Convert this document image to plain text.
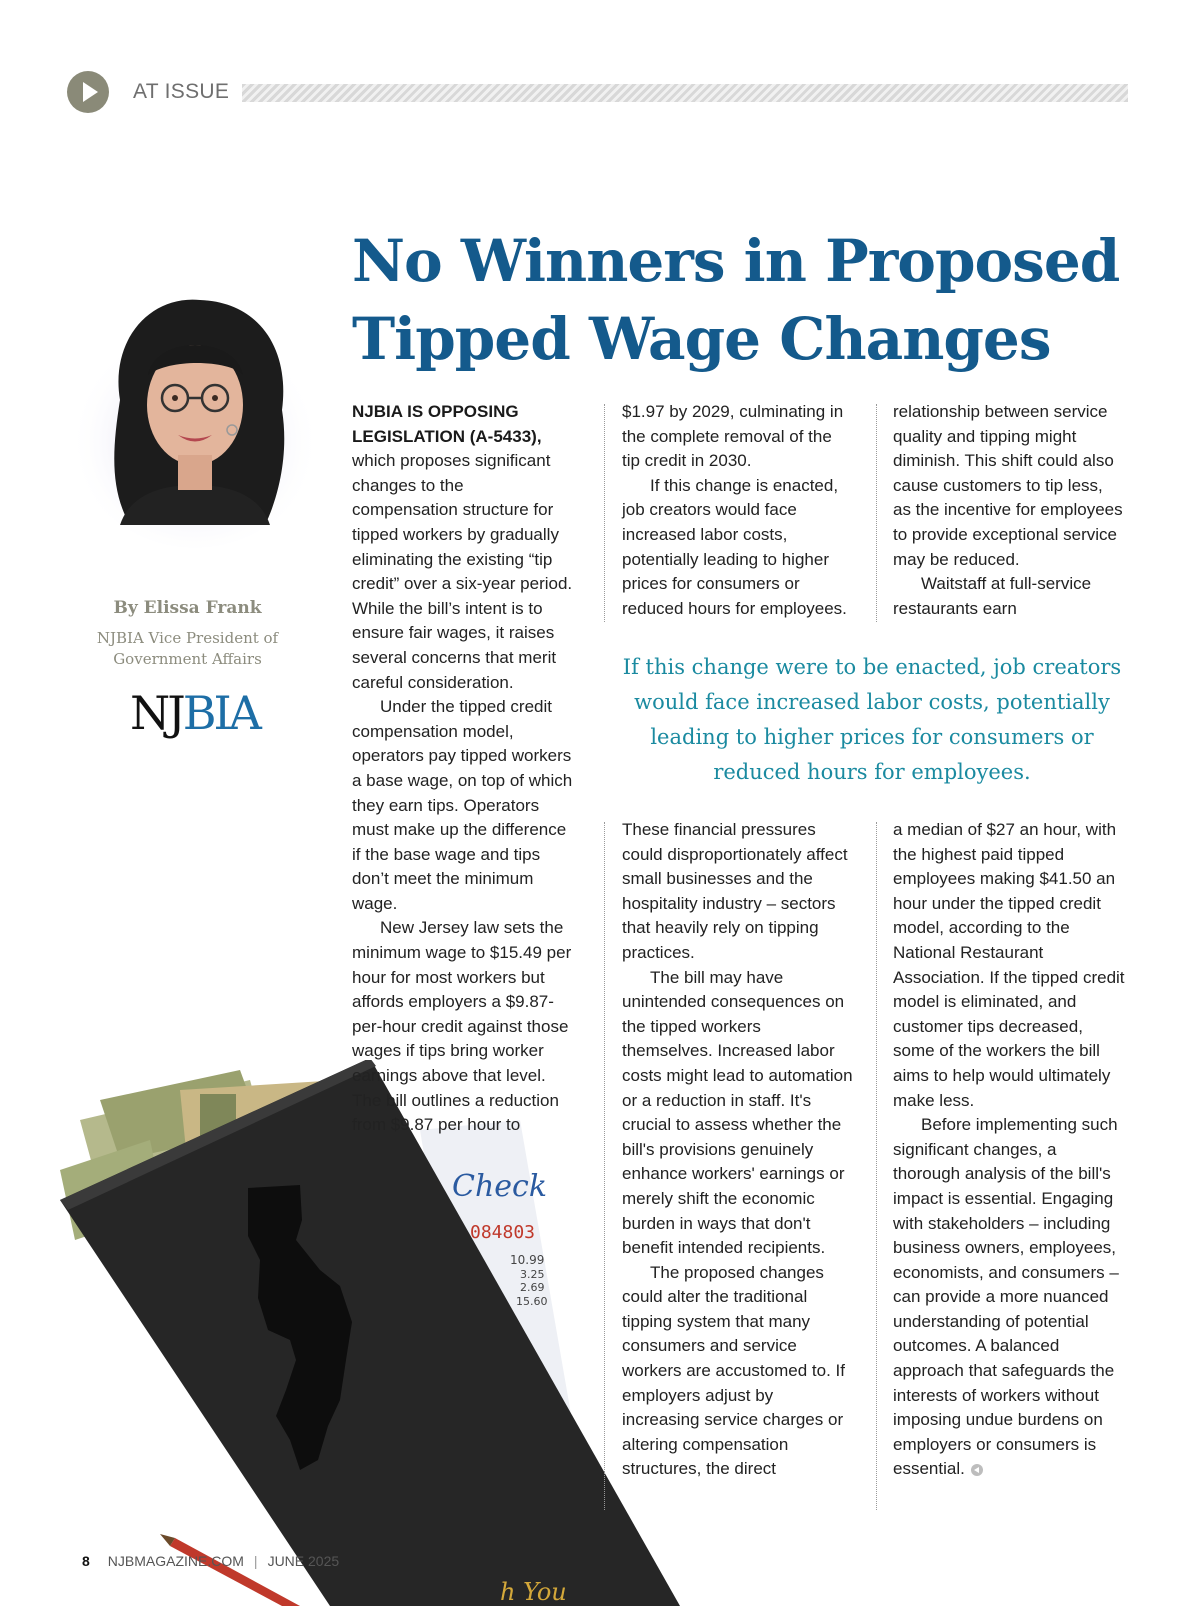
AT ISSUE
No Winners in Proposed Tipped Wage Changes
By Elissa Frank
NJBIA Vice President of Government Affairs
NJBIA
Check
084803
10.99
3.25
2.69
15.60
h You

NJBIA IS OPPOSING LEGISLATION (A-5433), which proposes significant changes to the compensation structure for tipped workers by gradually eliminating the existing “tip credit” over a six-year period. While the bill’s intent is to ensure fair wages, it raises several concerns that merit careful consideration.

Under the tipped credit compensation model, operators pay tipped workers a base wage, on top of which they earn tips. Operators must make up the difference if the base wage and tips don’t meet the minimum wage.

New Jersey law sets the minimum wage to $15.49 per hour for most workers but affords employers a $9.87-per-hour credit against those wages if tips bring worker earnings above that level. The bill outlines a reduction from $9.87 per hour to

$1.97 by 2029, culminating in the complete removal of the tip credit in 2030.

If this change is enacted, job creators would face increased labor costs, potentially leading to higher prices for consumers or reduced hours for employees.

relationship between service quality and tipping might diminish. This shift could also cause customers to tip less, as the incentive for employees to provide exceptional service may be reduced.

Waitstaff at full-service restaurants earn

If this change were to be enacted, job creators would face increased labor costs, potentially leading to higher prices for consumers or reduced hours for employees.

These financial pressures could disproportionately affect small businesses and the hospitality industry – sectors that heavily rely on tipping practices.

The bill may have unintended consequences on the tipped workers themselves. Increased labor costs might lead to automation or a reduction in staff. It's crucial to assess whether the bill's provisions genuinely enhance workers' earnings or merely shift the economic burden in ways that don't benefit intended recipients.

The proposed changes could alter the traditional tipping system that many consumers and service workers are accustomed to. If employers adjust by increasing service charges or altering compensation structures, the direct

a median of $27 an hour, with the highest paid tipped employees making $41.50 an hour under the tipped credit model, according to the National Restaurant Association. If the tipped credit model is eliminated, and customer tips decreased, some of the workers the bill aims to help would ultimately make less.

Before implementing such significant changes, a thorough analysis of the bill's impact is essential. Engaging with stakeholders – including business owners, employees, economists, and consumers – can provide a more nuanced understanding of potential outcomes. A balanced approach that safeguards the interests of workers without imposing undue burdens on employers or consumers is essential.

8 NJBMAGAZINE.COM | JUNE 2025
